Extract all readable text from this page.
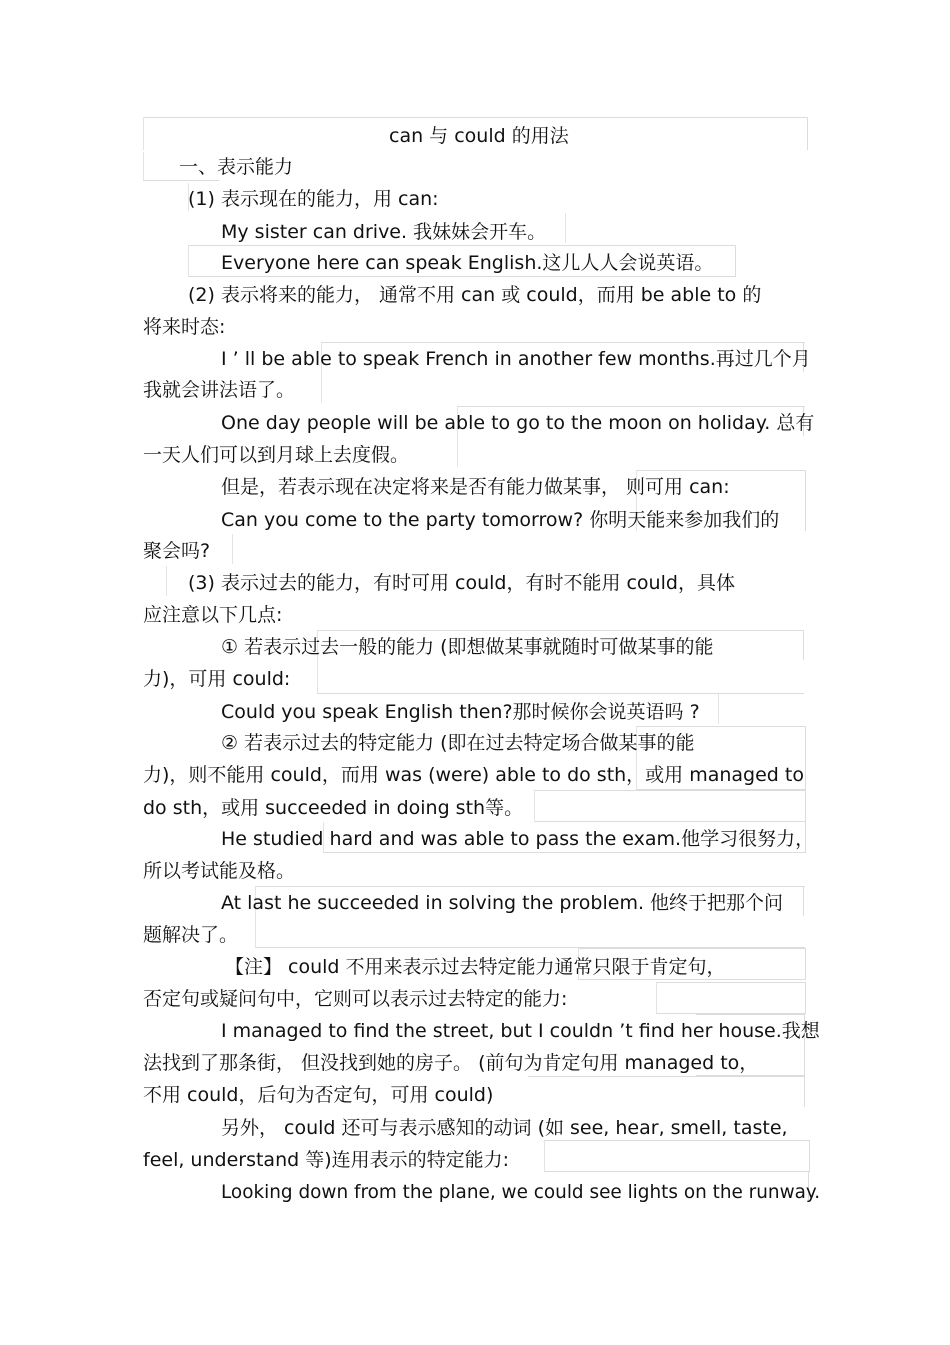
can 与 could 的用法
一、表示能力
(1) 表示现在的能力，用 can:
My sister can drive. 我妹妹会开车。
Everyone here can speak English.这儿人人会说英语。
(2) 表示将来的能力， 通常不用 can 或 could，而用 be able to 的
将来时态:
I ’ ll be able to speak French in another few months.再过几个月
我就会讲法语了。
One day people will be able to go to the moon on holiday. 总有
一天人们可以到月球上去度假。
但是，若表示现在决定将来是否有能力做某事， 则可用 can:
Can you come to the party tomorrow? 你明天能来参加我们的
聚会吗?
(3) 表示过去的能力，有时可用 could，有时不能用 could，具体
应注意以下几点:
① 若表示过去一般的能力 (即想做某事就随时可做某事的能
力)，可用 could:
Could you speak English then?那时候你会说英语吗 ?
② 若表示过去的特定能力 (即在过去特定场合做某事的能
力)，则不能用 could，而用 was (were) able to do sth，或用 managed to
do sth，或用 succeeded in doing sth等。
He studied hard and was able to pass the exam.他学习很努力，
所以考试能及格。
At last he succeeded in solving the problem. 他终于把那个问
题解决了。
【注】 could 不用来表示过去特定能力通常只限于肯定句，
否定句或疑问句中，它则可以表示过去特定的能力:
I managed to find the street, but I couldn ’t find her house.我想
法找到了那条街， 但没找到她的房子。 (前句为肯定句用 managed to，
不用 could，后句为否定句，可用 could)
另外， could 还可与表示感知的动词 (如 see, hear, smell, taste,
feel, understand 等)连用表示的特定能力:
Looking down from the plane, we could see lights on the runway.
